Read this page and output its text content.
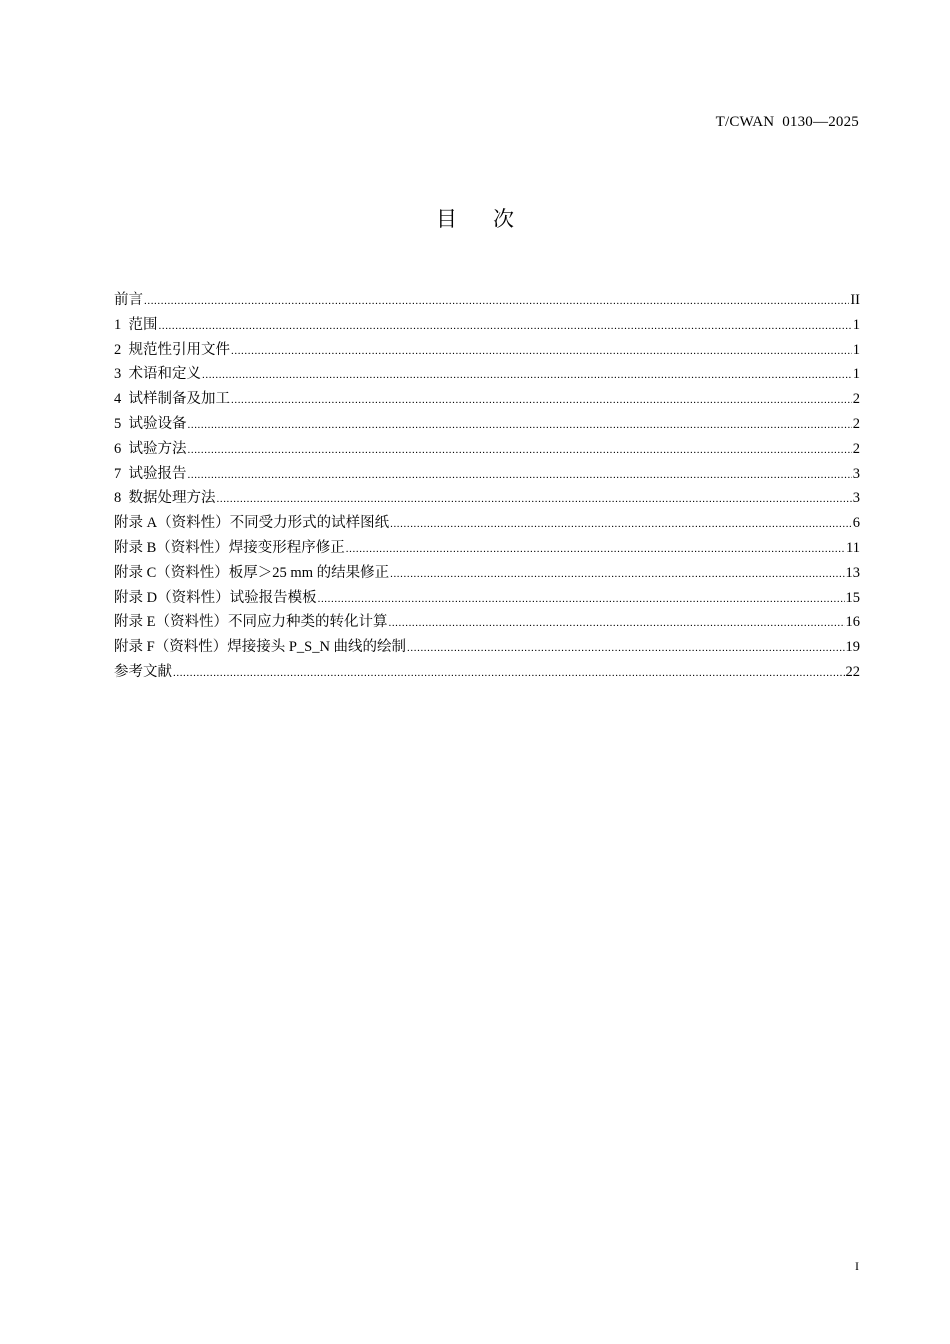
T/CWAN  0130—2025
目次
前言 .....	II
1  范围 .....	1
2  规范性引用文件 .....	1
3  术语和定义 .....	1
4  试样制备及加工 .....	2
5  试验设备 .....	2
6  试验方法 .....	2
7  试验报告 .....	3
8  数据处理方法 .....	3
附录 A（资料性）不同受力形式的试样图纸 .....	6
附录 B（资料性）焊接变形程序修正 .....	11
附录 C（资料性）板厚＞25 mm 的结果修正 .....	13
附录 D（资料性）试验报告模板 .....	15
附录 E（资料性）不同应力种类的转化计算 .....	16
附录 F（资料性）焊接接头 P_S_N 曲线的绘制 .....	19
参考文献 .....	22
I
